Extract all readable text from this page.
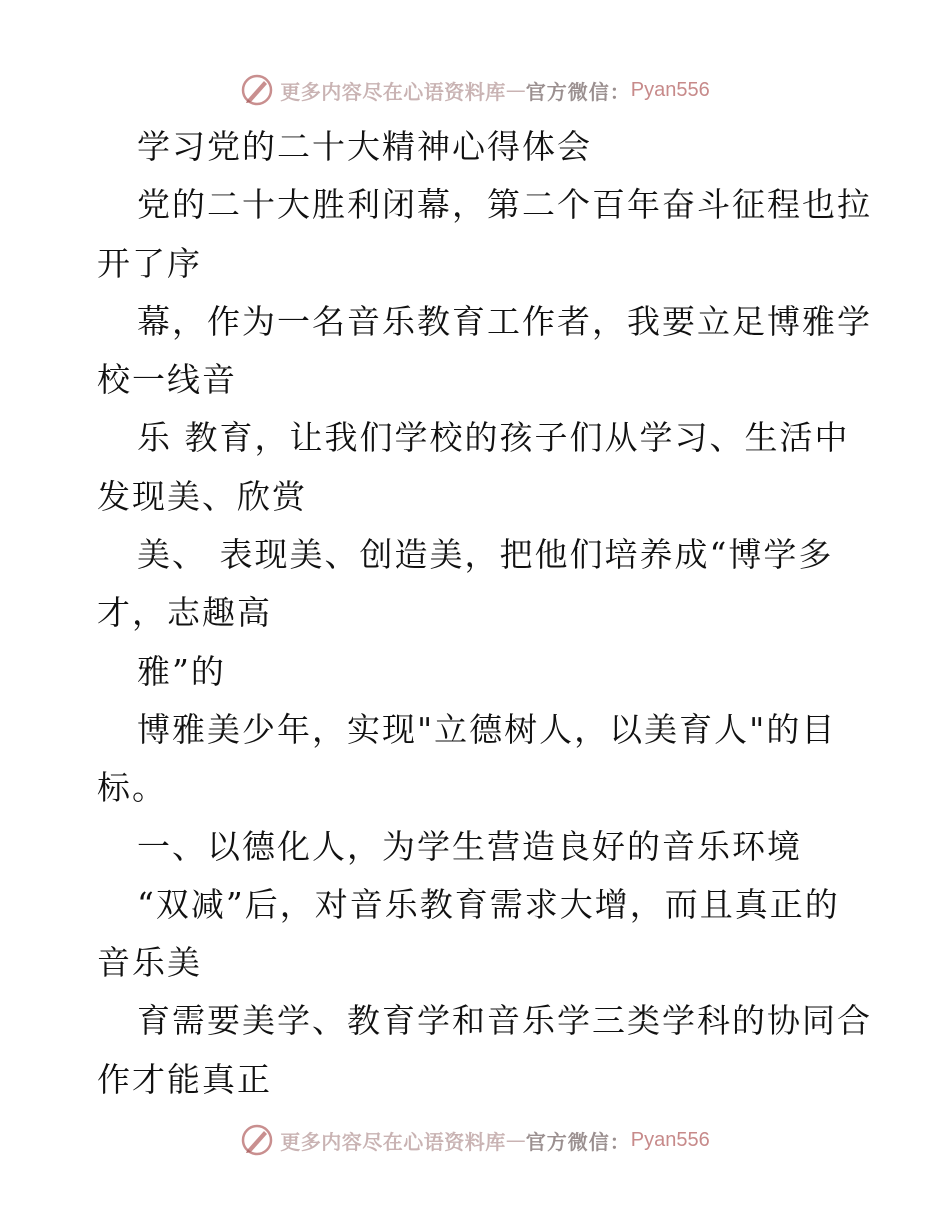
更多内容尽在心语资料库 — 官方微信： Pyan556
学习党的二十大精神心得体会
党的二十大胜利闭幕，第二个百年奋斗征程也拉
开了序
幕，作为一名音乐教育工作者，我要立足博雅学
校一线音
乐 教育，让我们学校的孩子们从学习、生活中
发现美、欣赏
美、 表现美、创造美，把他们培养成“博学多
才，志趣高
雅”的
博雅美少年，实现"立德树人，以美育人"的目
标。
一、以德化人，为学生营造良好的音乐环境
“双减”后，对音乐教育需求大增，而且真正的
音乐美
育需要美学、教育学和音乐学三类学科的协同合
作才能真正
更多内容尽在心语资料库 — 官方微信： Pyan556
